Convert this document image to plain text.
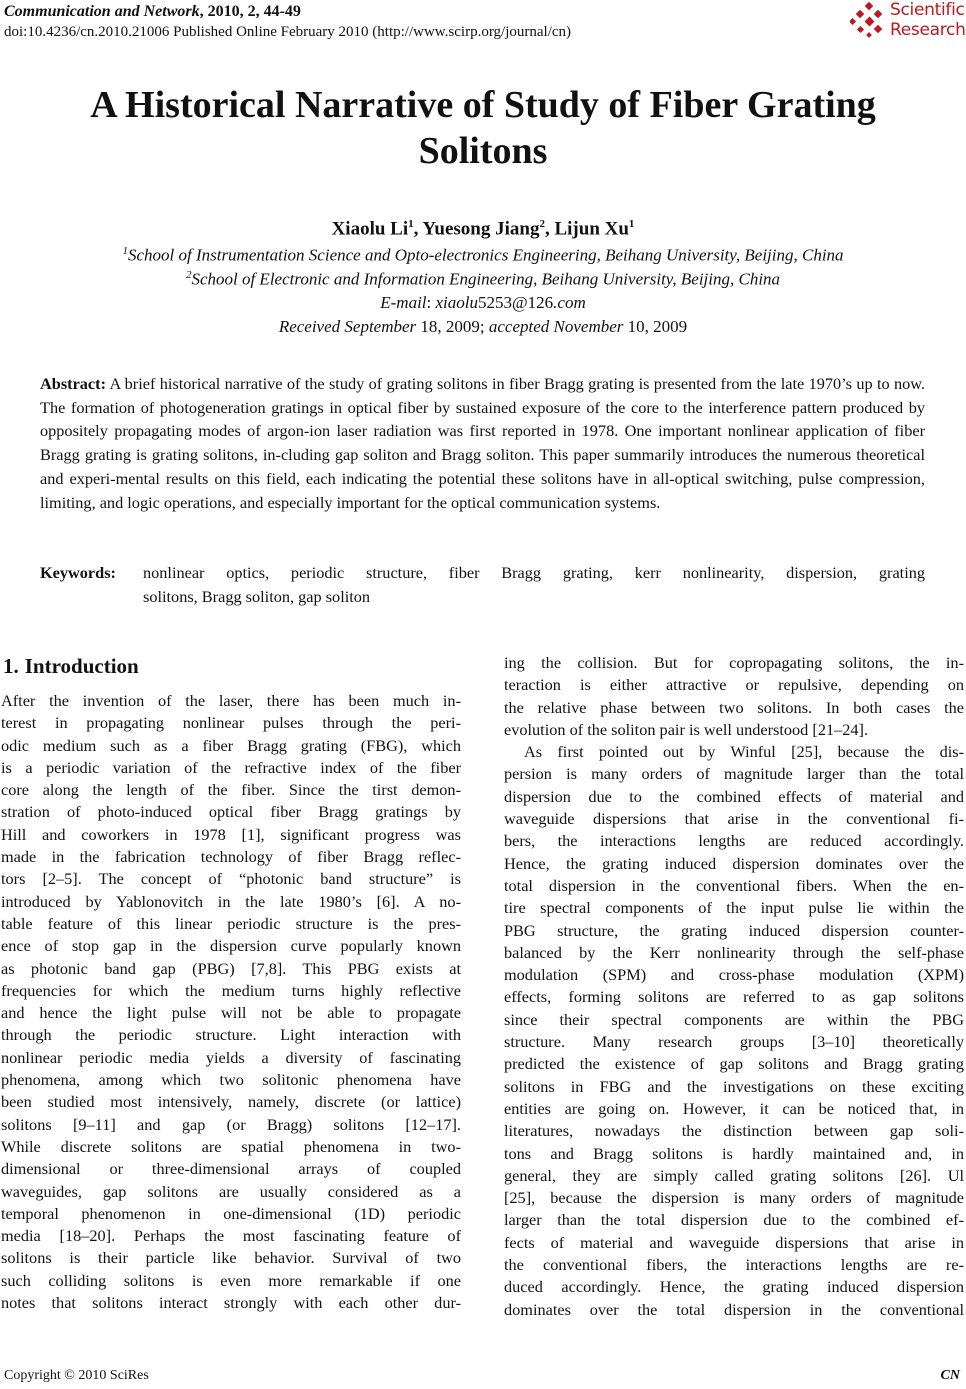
Communication and Network, 2010, 2, 44-49
doi:10.4236/cn.2010.21006 Published Online February 2010 (http://www.scirp.org/journal/cn)
Scientific
Research
A Historical Narrative of Study of Fiber Grating Solitons
Xiaolu Li$^1$, Yuesong Jiang$^2$, Lijun Xu$^1$
$^1$School of Instrumentation Science and Opto-electronics Engineering, Beihang University, Beijing, China
$^2$School of Electronic and Information Engineering, Beihang University, Beijing, China
E-mail: xiaolu5253@126.com
Received September 18, 2009; accepted November 10, 2009
Abstract: A brief historical narrative of the study of grating solitons in fiber Bragg grating is presented from the late 1970’s up to now. The formation of photogeneration gratings in optical fiber by sustained exposure of the core to the interference pattern produced by oppositely propagating modes of argon-ion laser radiation was first reported in 1978. One important nonlinear application of fiber Bragg grating is grating solitons, in-cluding gap soliton and Bragg soliton. This paper summarily introduces the numerous theoretical and experi-mental results on this field, each indicating the potential these solitons have in all-optical switching, pulse compression, limiting, and logic operations, and especially important for the optical communication systems.
Keywords: nonlinear optics, periodic structure, fiber Bragg grating, kerr nonlinearity, dispersion, grating
solitons, Bragg soliton, gap soliton
1. Introduction
After the invention of the laser, there has been much in-
terest in propagating nonlinear pulses through the peri-
odic medium such as a fiber Bragg grating (FBG), which
is a periodic variation of the refractive index of the fiber
core along the length of the fiber. Since the tirst demon-
stration of photo-induced optical fiber Bragg gratings by
Hill and coworkers in 1978 [1], significant progress was
made in the fabrication technology of fiber Bragg reflec-
tors [2–5]. The concept of “photonic band structure” is
introduced by Yablonovitch in the late 1980’s [6]. A no-
table feature of this linear periodic structure is the pres-
ence of stop gap in the dispersion curve popularly known
as photonic band gap (PBG) [7,8]. This PBG exists at
frequencies for which the medium turns highly reflective
and hence the light pulse will not be able to propagate
through the periodic structure. Light interaction with
nonlinear periodic media yields a diversity of fascinating
phenomena, among which two solitonic phenomena have
been studied most intensively, namely, discrete (or lattice)
solitons [9–11] and gap (or Bragg) solitons [12–17].
While discrete solitons are spatial phenomena in two-
dimensional or three-dimensional arrays of coupled
waveguides, gap solitons are usually considered as a
temporal phenomenon in one-dimensional (1D) periodic
media [18–20]. Perhaps the most fascinating feature of
solitons is their particle like behavior. Survival of two
such colliding solitons is even more remarkable if one
notes that solitons interact strongly with each other dur-
ing the collision. But for copropagating solitons, the in-
teraction is either attractive or repulsive, depending on
the relative phase between two solitons. In both cases the
evolution of the soliton pair is well understood [21–24].
As first pointed out by Winful [25], because the dis-
persion is many orders of magnitude larger than the total
dispersion due to the combined effects of material and
waveguide dispersions that arise in the conventional fi-
bers, the interactions lengths are reduced accordingly.
Hence, the grating induced dispersion dominates over the
total dispersion in the conventional fibers. When the en-
tire spectral components of the input pulse lie within the
PBG structure, the grating induced dispersion counter-
balanced by the Kerr nonlinearity through the self-phase
modulation (SPM) and cross-phase modulation (XPM)
effects, forming solitons are referred to as gap solitons
since their spectral components are within the PBG
structure. Many research groups [3–10] theoretically
predicted the existence of gap solitons and Bragg grating
solitons in FBG and the investigations on these exciting
entities are going on. However, it can be noticed that, in
literatures, nowadays the distinction between gap soli-
tons and Bragg solitons is hardly maintained and, in
general, they are simply called grating solitons [26]. Ul
[25], because the dispersion is many orders of magnitude
larger than the total dispersion due to the combined ef-
fects of material and waveguide dispersions that arise in
the conventional fibers, the interactions lengths are re-
duced accordingly. Hence, the grating induced dispersion
dominates over the total dispersion in the conventional
Copyright © 2010 SciRes	CN
